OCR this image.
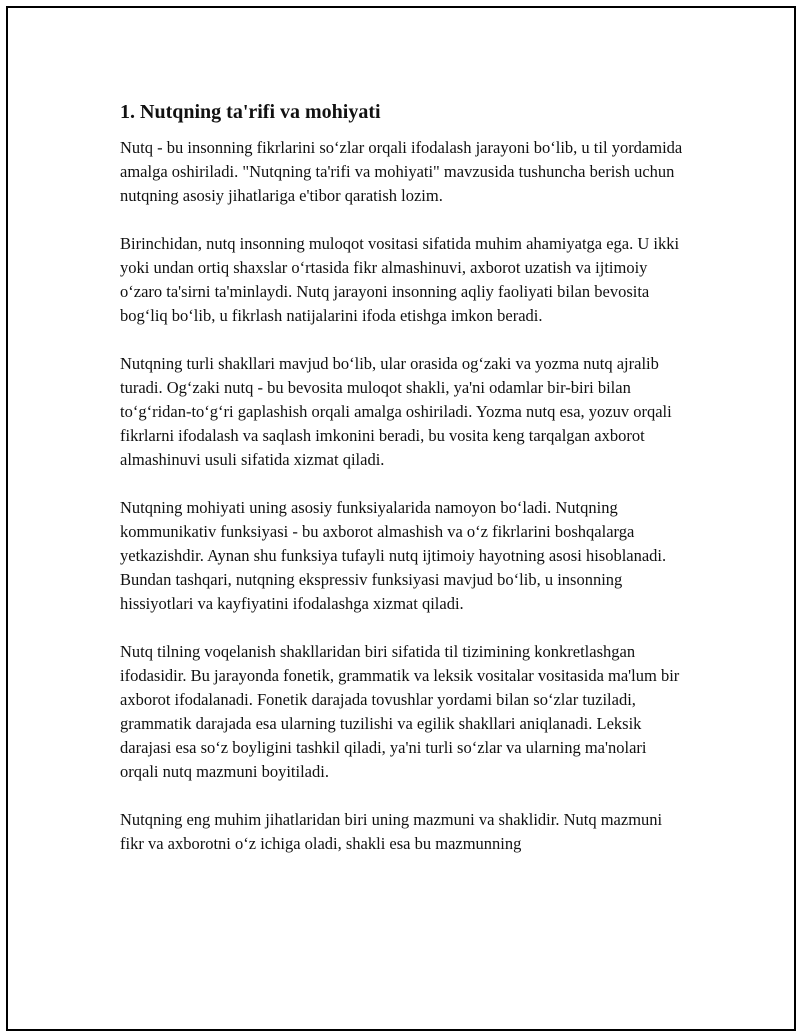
1. Nutqning ta'rifi va mohiyati

Nutq - bu insonning fikrlarini so‘zlar orqali ifodalash jarayoni bo‘lib, u til yordamida amalga oshiriladi. "Nutqning ta'rifi va mohiyati" mavzusida tushuncha berish uchun nutqning asosiy jihatlariga e'tibor qaratish lozim.

Birinchidan, nutq insonning muloqot vositasi sifatida muhim ahamiyatga ega. U ikki yoki undan ortiq shaxslar o‘rtasida fikr almashinuvi, axborot uzatish va ijtimoiy o‘zaro ta'sirni ta'minlaydi. Nutq jarayoni insonning aqliy faoliyati bilan bevosita bog‘liq bo‘lib, u fikrlash natijalarini ifoda etishga imkon beradi.

Nutqning turli shakllari mavjud bo‘lib, ular orasida og‘zaki va yozma nutq ajralib turadi. Og‘zaki nutq - bu bevosita muloqot shakli, ya'ni odamlar bir-biri bilan to‘g‘ridan-to‘g‘ri gaplashish orqali amalga oshiriladi. Yozma nutq esa, yozuv orqali fikrlarni ifodalash va saqlash imkonini beradi, bu vosita keng tarqalgan axborot almashinuvi usuli sifatida xizmat qiladi.

Nutqning mohiyati uning asosiy funksiyalarida namoyon bo‘ladi. Nutqning kommunikativ funksiyasi - bu axborot almashish va o‘z fikrlarini boshqalarga yetkazishdir. Aynan shu funksiya tufayli nutq ijtimoiy hayotning asosi hisoblanadi. Bundan tashqari, nutqning ekspressiv funksiyasi mavjud bo‘lib, u insonning hissiyotlari va kayfiyatini ifodalashga xizmat qiladi.

Nutq tilning voqelanish shakllaridan biri sifatida til tizimining konkretlashgan ifodasidir. Bu jarayonda fonetik, grammatik va leksik vositalar vositasida ma'lum bir axborot ifodalanadi. Fonetik darajada tovushlar yordami bilan so‘zlar tuziladi, grammatik darajada esa ularning tuzilishi va egilik shakllari aniqlanadi. Leksik darajasi esa so‘z boyligini tashkil qiladi, ya'ni turli so‘zlar va ularning ma'nolari orqali nutq mazmuni boyitiladi.

Nutqning eng muhim jihatlaridan biri uning mazmuni va shaklidir. Nutq mazmuni fikr va axborotni o‘z ichiga oladi, shakli esa bu mazmunning
